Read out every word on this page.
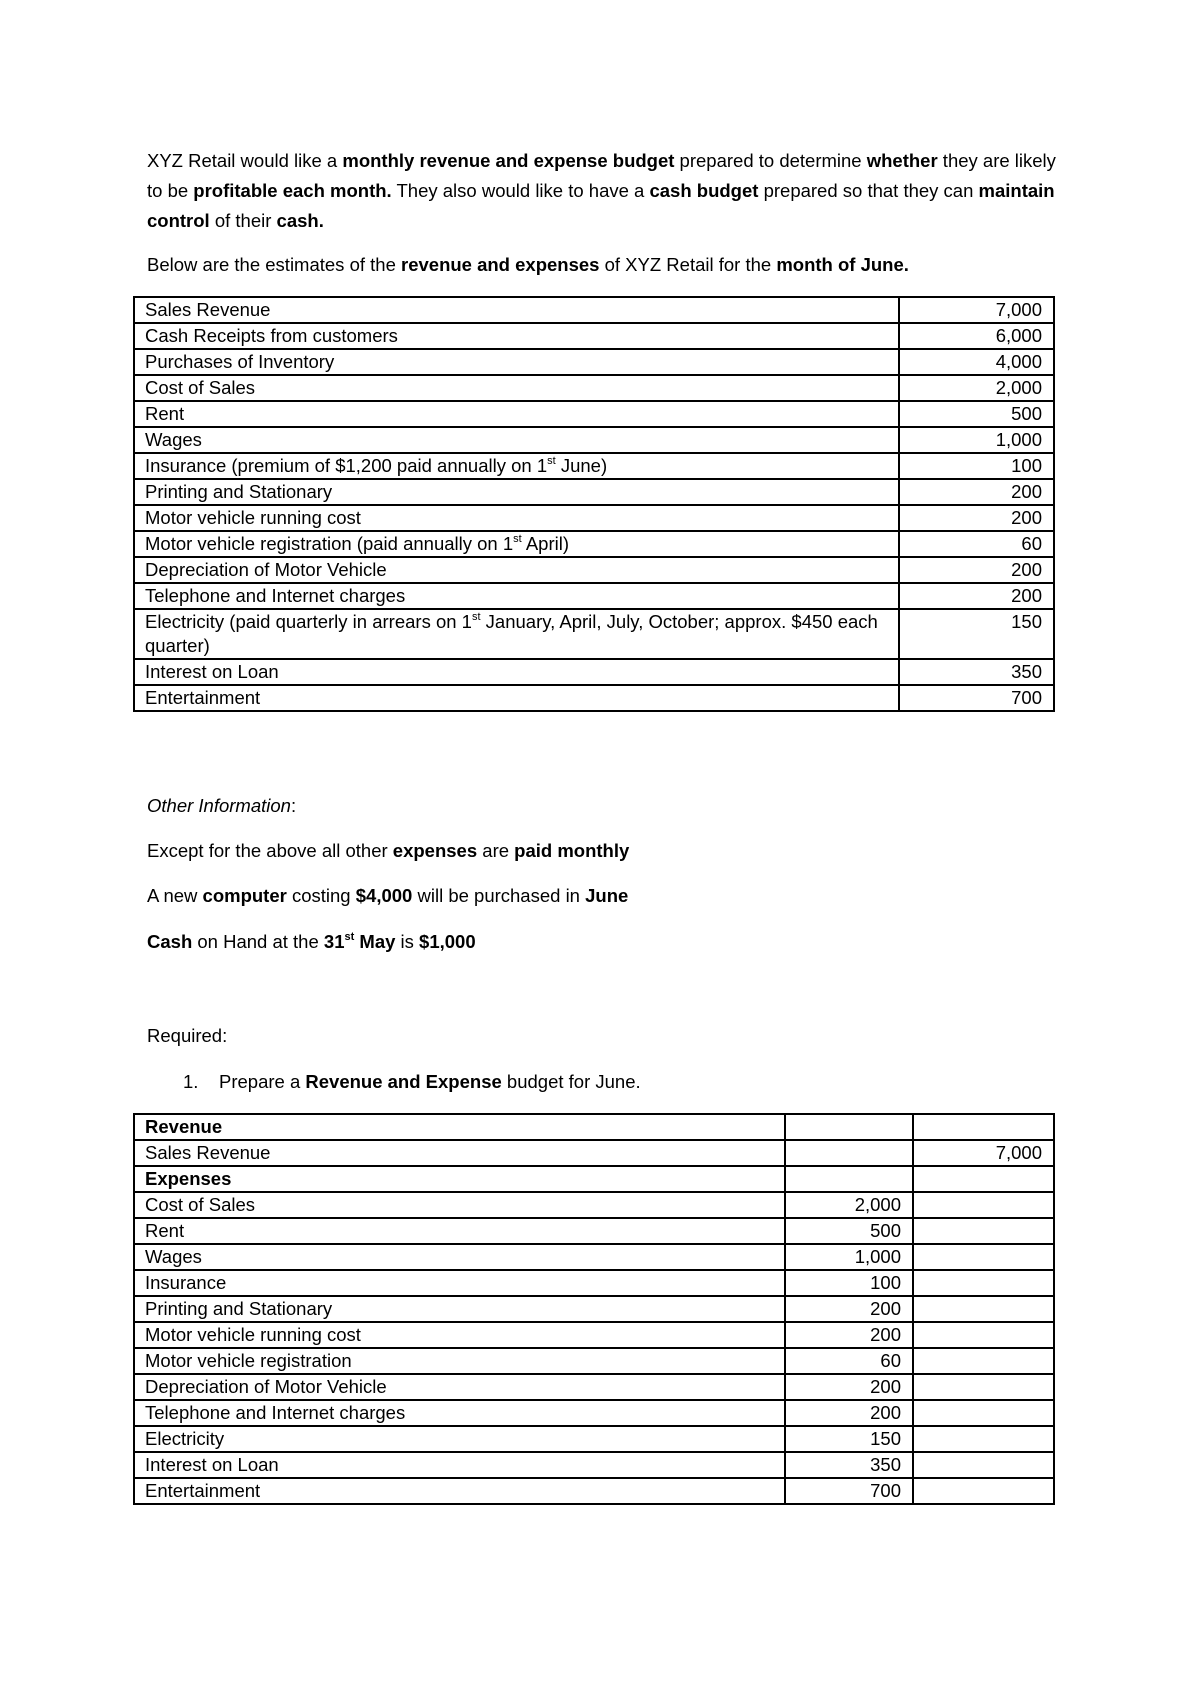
XYZ Retail would like a monthly revenue and expense budget prepared to determine whether they are likely to be profitable each month. They also would like to have a cash budget prepared so that they can maintain control of their cash.

Below are the estimates of the revenue and expenses of XYZ Retail for the month of June.

Sales Revenue	7,000
Cash Receipts from customers	6,000
Purchases of Inventory	4,000
Cost of Sales	2,000
Rent	500
Wages	1,000
Insurance (premium of $1,200 paid annually on 1st June)	100
Printing and Stationary	200
Motor vehicle running cost	200
Motor vehicle registration (paid annually on 1st April)	60
Depreciation of Motor Vehicle	200
Telephone and Internet charges	200
Electricity (paid quarterly in arrears on 1st January, April, July, October; approx. $450 each quarter)	150
Interest on Loan	350
Entertainment	700

Other Information:

Except for the above all other expenses are paid monthly

A new computer costing $4,000 will be purchased in June

Cash on Hand at the 31st May is $1,000

Required:

1. Prepare a Revenue and Expense budget for June.

Revenue		
Sales Revenue		7,000
Expenses		
Cost of Sales	2,000	
Rent	500	
Wages	1,000	
Insurance	100	
Printing and Stationary	200	
Motor vehicle running cost	200	
Motor vehicle registration	60	
Depreciation of Motor Vehicle	200	
Telephone and Internet charges	200	
Electricity	150	
Interest on Loan	350	
Entertainment	700	
